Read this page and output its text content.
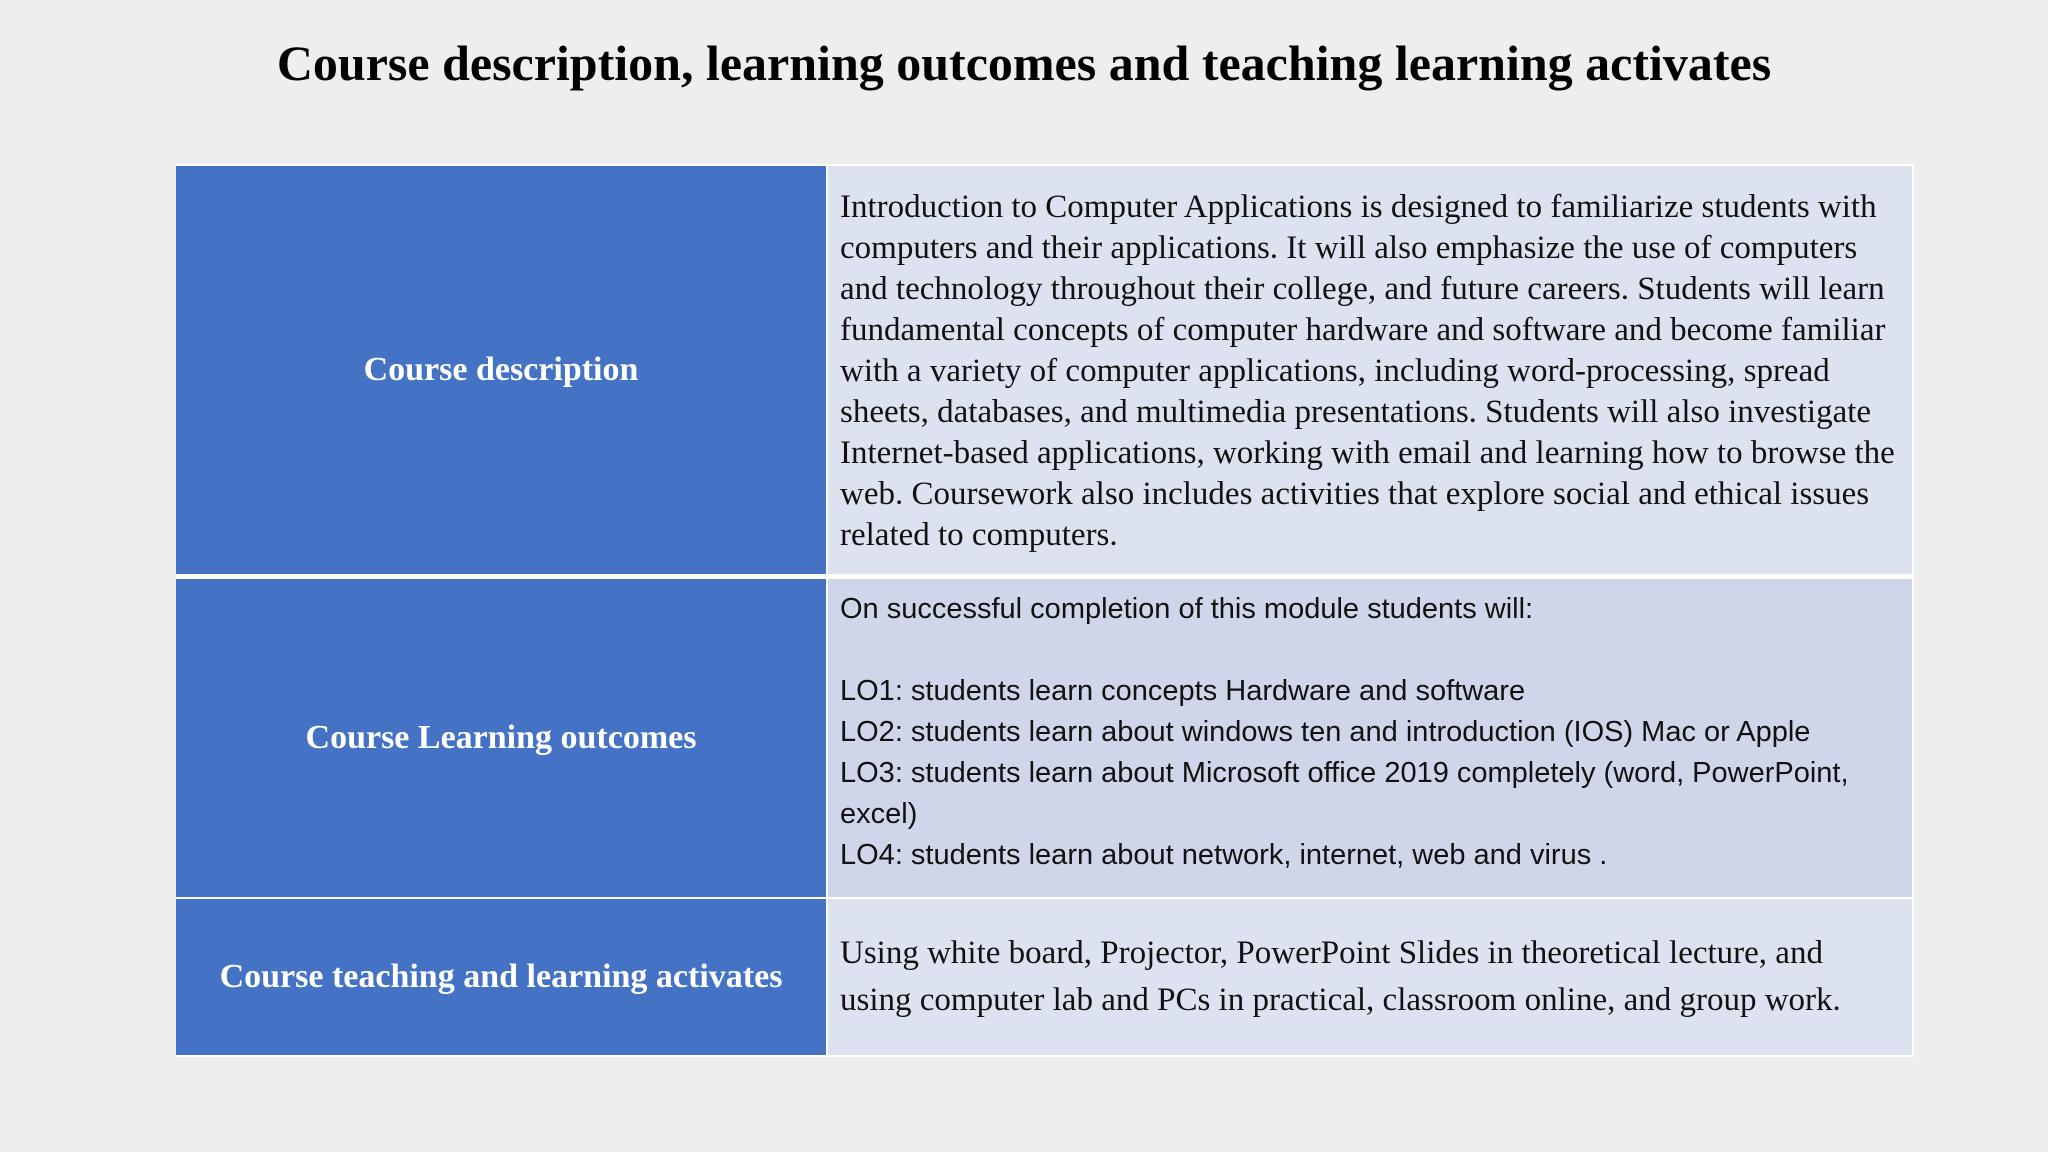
Course description, learning outcomes and teaching learning activates
Course description	Introduction to Computer Applications is designed to familiarize students with computers and their applications. It will also emphasize the use of computers and technology throughout their college, and future careers. Students will learn fundamental concepts of computer hardware and software and become familiar with a variety of computer applications, including word-processing, spread sheets, databases, and multimedia presentations. Students will also investigate Internet-based applications, working with email and learning how to browse the web. Coursework also includes activities that explore social and ethical issues related to computers.

Course Learning outcomes	On successful completion of this module students will:
LO1: students learn concepts Hardware and software
LO2: students learn about windows ten and introduction (IOS) Mac or Apple
LO3: students learn about Microsoft office 2019 completely (word, PowerPoint, excel)
LO4: students learn about network, internet, web and virus .

Course teaching and learning activates	Using white board, Projector, PowerPoint Slides in theoretical lecture, and using computer lab and PCs in practical, classroom online, and group work.
